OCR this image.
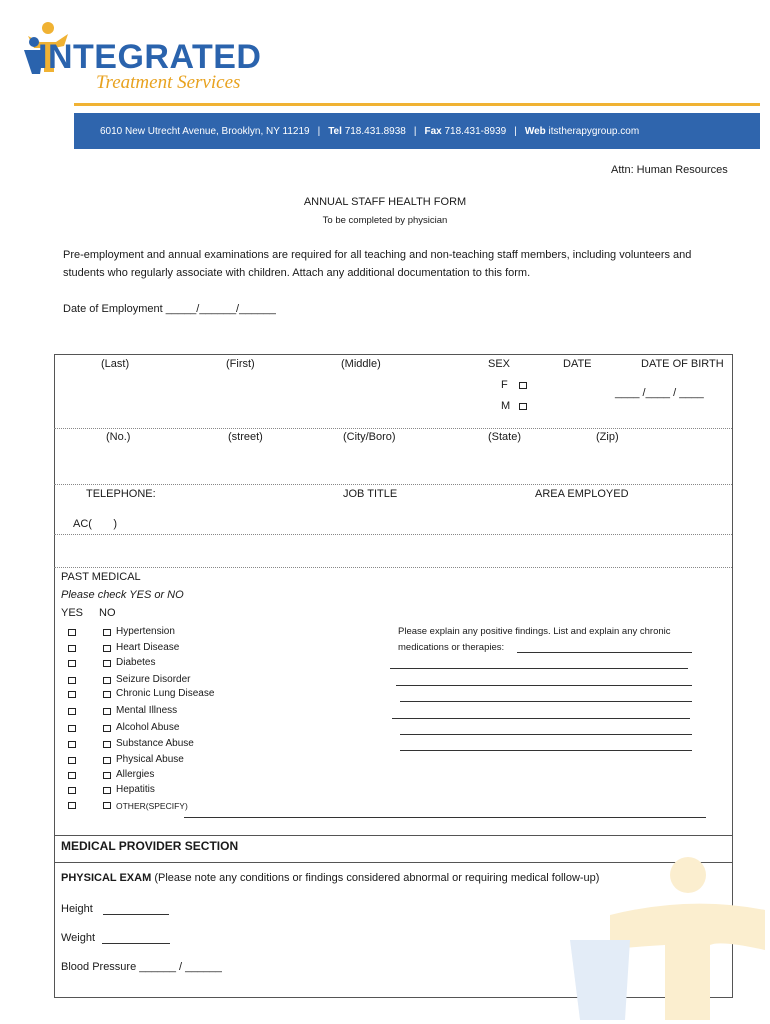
INTEGRATED
Treatment Services
6010 New Utrecht Avenue, Brooklyn, NY 11219 | Tel
718.431.8938 | Fax
718.431-8939 | Web
itstherapygroup.com
Attn: Human Resources
ANNUAL STAFF HEALTH FORM
To be completed by physician
Pre-employment and annual examinations are required for all teaching and non-teaching staff members, including volunteers and
students who regularly associate with children. Attach any additional documentation to this form.
Date of Employment _____/______/______
(Last)	(First)	(Middle)	SEX	DATE	DATE OF BIRTH
F
M
____ /____ / ____
(No.)	(street)	(City/Boro)	(State)	(Zip)
TELEPHONE:	JOB TITLE	AREA EMPLOYED
AC(       )
PAST MEDICAL
Please check YES or NO
YES NO
Hypertension
Heart Disease
Diabetes
Seizure Disorder
Chronic Lung Disease
Mental Illness
Alcohol Abuse
Substance Abuse
Physical Abuse
Allergies
Hepatitis
OTHER(SPECIFY)
Please explain any positive findings. List and explain any chronic
medications or therapies:
MEDICAL PROVIDER SECTION
PHYSICAL EXAM (Please note any conditions or findings considered abnormal or requiring medical follow-up)
Height
Weight
Blood Pressure ______ / ______
